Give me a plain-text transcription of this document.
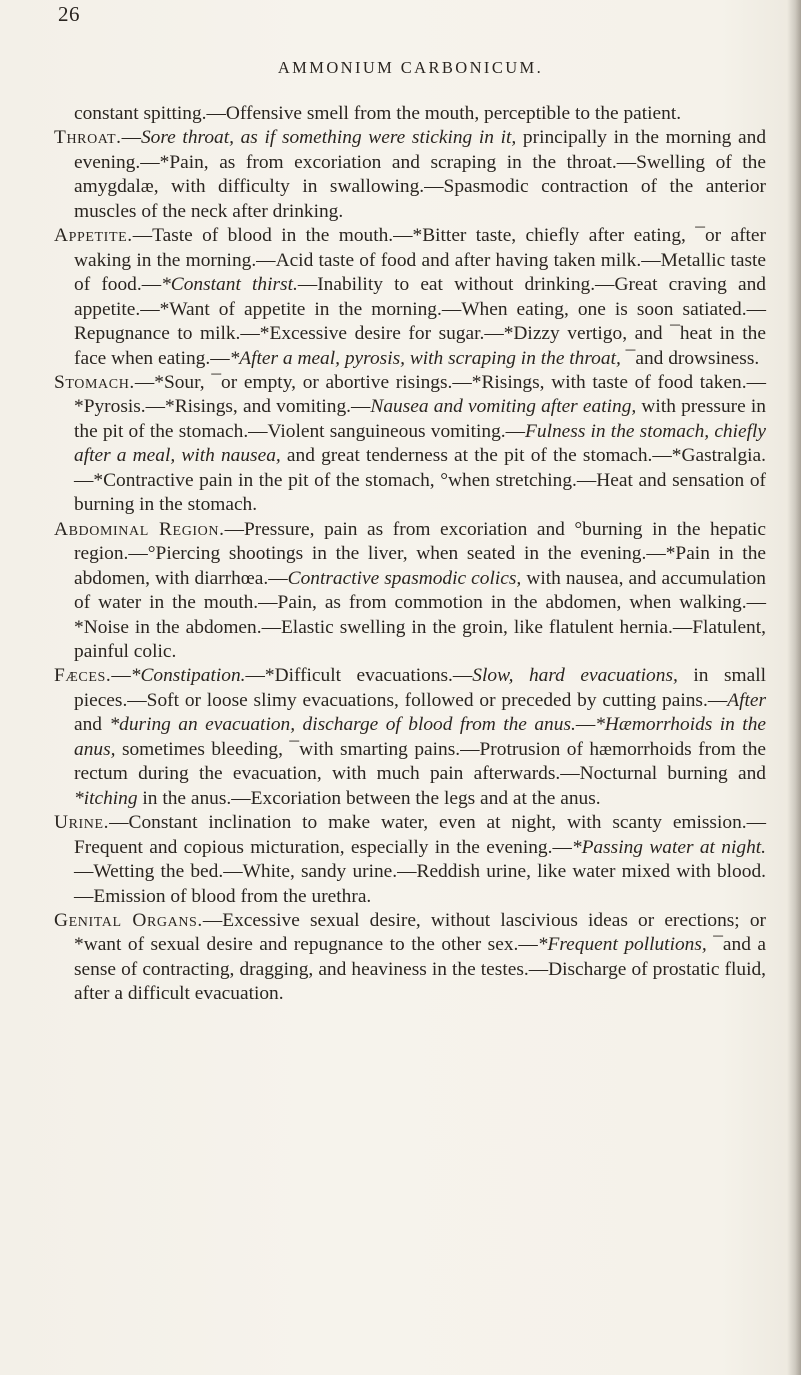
26
AMMONIUM CARBONICUM.

constant spitting.—Offensive smell from the mouth, perceptible to the patient.

Throat.—Sore throat, as if something were sticking in it, principally in the morning and evening.—*Pain, as from excoriation and scraping in the throat.—Swelling of the amygdalæ, with difficulty in swallowing.—Spasmodic contraction of the anterior muscles of the neck after drinking.

Appetite.—Taste of blood in the mouth.—*Bitter taste, chiefly after eating, ¯or after waking in the morning.—Acid taste of food and after having taken milk.—Metallic taste of food.—*Constant thirst.—Inability to eat without drinking.—Great craving and appetite.—*Want of appetite in the morning.—When eating, one is soon satiated.—Repugnance to milk.—*Excessive desire for sugar.—*Dizzy vertigo, and ¯heat in the face when eating.—*After a meal, pyrosis, with scraping in the throat, ¯and drowsiness.

Stomach.—*Sour, ¯or empty, or abortive risings.—*Risings, with taste of food taken.—*Pyrosis.—*Risings, and vomiting.—Nausea and vomiting after eating, with pressure in the pit of the stomach.—Violent sanguineous vomiting.—Fulness in the stomach, chiefly after a meal, with nausea, and great tenderness at the pit of the stomach.—*Gastralgia.—*Contractive pain in the pit of the stomach, °when stretching.—Heat and sensation of burning in the stomach.

Abdominal Region.—Pressure, pain as from excoriation and °burning in the hepatic region.—°Piercing shootings in the liver, when seated in the evening.—*Pain in the abdomen, with diarrhœa.—Contractive spasmodic colics, with nausea, and accumulation of water in the mouth.—Pain, as from commotion in the abdomen, when walking.—*Noise in the abdomen.—Elastic swelling in the groin, like flatulent hernia.—Flatulent, painful colic.

Fæces.—*Constipation.—*Difficult evacuations.—Slow, hard evacuations, in small pieces.—Soft or loose slimy evacuations, followed or preceded by cutting pains.—After and *during an evacuation, discharge of blood from the anus.—*Hæmorrhoids in the anus, sometimes bleeding, ¯with smarting pains.—Protrusion of hæmorrhoids from the rectum during the evacuation, with much pain afterwards.—Nocturnal burning and *itching in the anus.—Excoriation between the legs and at the anus.

Urine.—Constant inclination to make water, even at night, with scanty emission.—Frequent and copious micturation, especially in the evening.—*Passing water at night.—Wetting the bed.—White, sandy urine.—Reddish urine, like water mixed with blood.—Emission of blood from the urethra.

Genital Organs.—Excessive sexual desire, without lascivious ideas or erections; or *want of sexual desire and repugnance to the other sex.—*Frequent pollutions, ¯and a sense of contracting, dragging, and heaviness in the testes.—Discharge of prostatic fluid, after a difficult evacuation.
